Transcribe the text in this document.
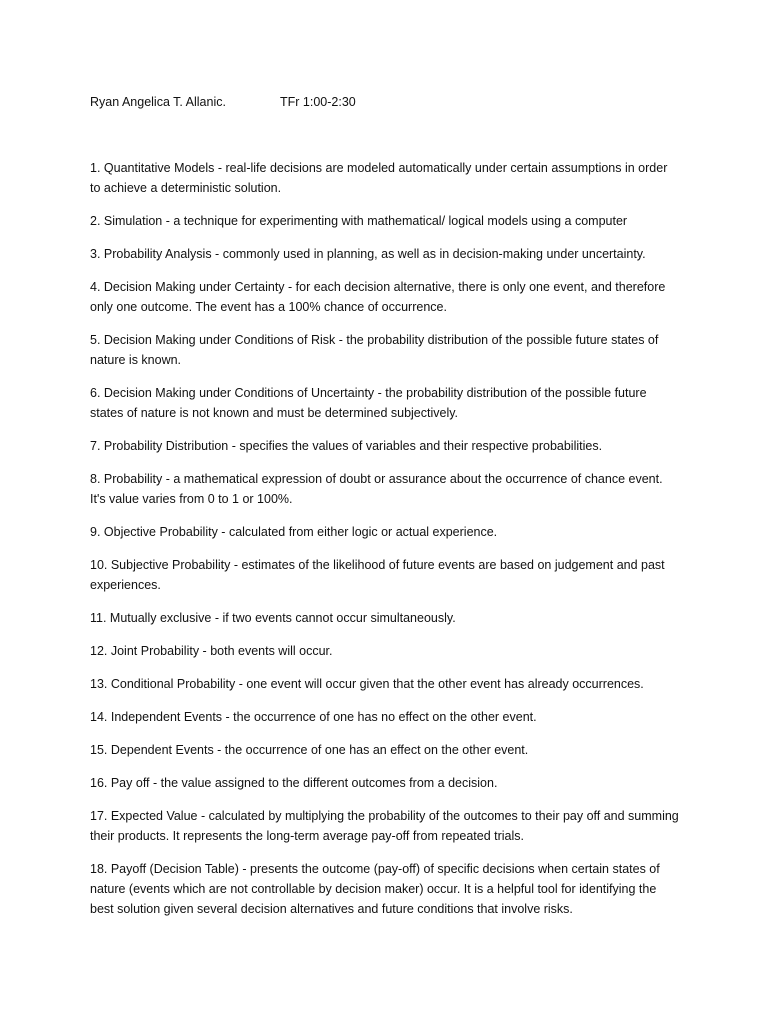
Ryan Angelica T. Allanic.	TFr 1:00-2:30

1. Quantitative Models - real-life decisions are modeled automatically under certain assumptions in order to achieve a deterministic solution.

2. Simulation - a technique for experimenting with mathematical/ logical models using a computer

3. Probability Analysis - commonly used in planning, as well as in decision-making under uncertainty.

4. Decision Making under Certainty - for each decision alternative, there is only one event, and therefore only one outcome. The event has a 100% chance of occurrence.

5. Decision Making under Conditions of Risk - the probability distribution of the possible future states of nature is known.

6. Decision Making under Conditions of Uncertainty - the probability distribution of the possible future states of nature is not known and must be determined subjectively.

7. Probability Distribution - specifies the values of variables and their respective probabilities.

8. Probability - a mathematical expression of doubt or assurance about the occurrence of chance event. It's value varies from 0 to 1 or 100%.

9. Objective Probability - calculated from either logic or actual experience.

10. Subjective Probability - estimates of the likelihood of future events are based on judgement and past experiences.

11. Mutually exclusive - if two events cannot occur simultaneously.

12. Joint Probability - both events will occur.

13. Conditional Probability - one event will occur given that the other event has already occurrences.

14. Independent Events - the occurrence of one has no effect on the other event.

15. Dependent Events - the occurrence of one has an effect on the other event.

16. Pay off - the value assigned to the different outcomes from a decision.

17. Expected Value - calculated by multiplying the probability of the outcomes to their pay off and summing their products. It represents the long-term average pay-off from repeated trials.

18. Payoff (Decision Table) - presents the outcome (pay-off) of specific decisions when certain states of nature (events which are not controllable by decision maker) occur. It is a helpful tool for identifying the best solution given several decision alternatives and future conditions that involve risks.
